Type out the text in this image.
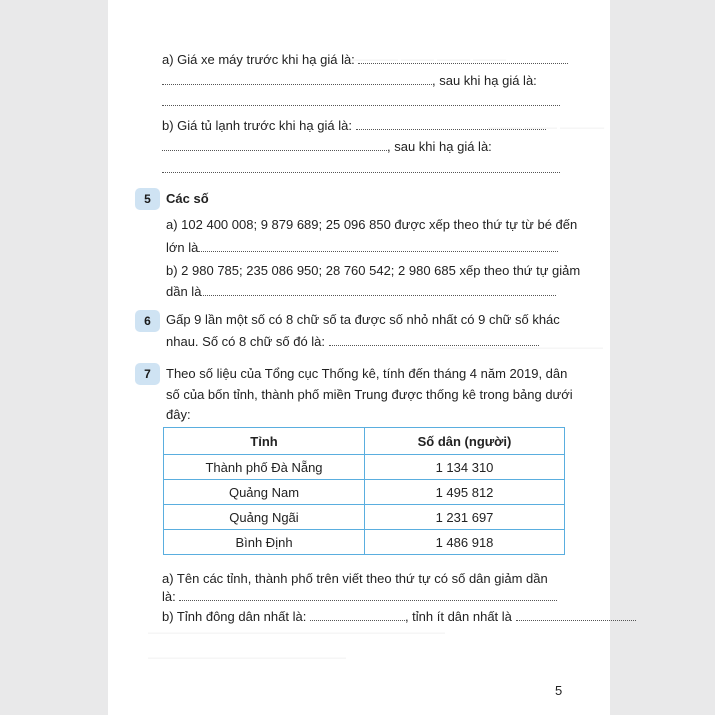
————— ——— ——— ———
——— ——— ————
———————————————
———————————————————————————
——————————————————
a) Giá xe máy trước khi hạ giá là:
, sau khi hạ giá là:
b) Giá tủ lạnh trước khi hạ giá là:
, sau khi hạ giá là:
5	Các số
a) 102 400 008; 9 879 689; 25 096 850 được xếp theo thứ tự từ bé đến
lớn là
b) 2 980 785; 235 086 950; 28 760 542; 2 980 685 xếp theo thứ tự giảm
dần là
6	Gấp 9 lần một số có 8 chữ số ta được số nhỏ nhất có 9 chữ số khác
nhau. Số có 8 chữ số đó là:
7	Theo số liệu của Tổng cục Thống kê, tính đến tháng 4 năm 2019, dân
số của bốn tỉnh, thành phố miền Trung được thống kê trong bảng dưới
đây:
Tỉnh	Số dân (người)
Thành phố Đà Nẵng	1 134 310
Quảng Nam	1 495 812
Quảng Ngãi	1 231 697
Bình Định	1 486 918
a) Tên các tỉnh, thành phố trên viết theo thứ tự có số dân giảm dần
là:
b) Tỉnh đông dân nhất là:	, tỉnh ít dân nhất là
5
